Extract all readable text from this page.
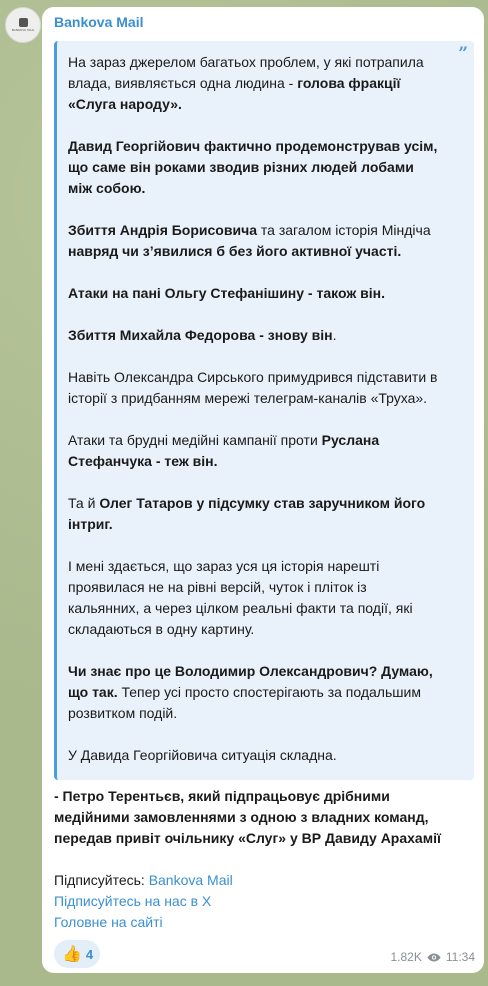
BANKOVA MAIL Bankova Mail
”

На зараз джерелом багатьох проблем, у які потрапила влада, виявляється одна людина - голова фракції «Слуга народу».

Давид Георгійович фактично продемонстрував усім, що саме він роками зводив різних людей лобами між собою.

Збиття Андрія Борисовича та загалом історія Міндіча навряд чи з’явилися б без його активної участі.

Атаки на пані Ольгу Стефанішину - також він.

Збиття Михайла Федорова - знову він.

Навіть Олександра Сирського примудрився підставити в історії з придбанням мережі телеграм-каналів «Труха».

Атаки та брудні медійні кампанії проти Руслана Стефанчука - теж він.

Та й Олег Татаров у підсумку став заручником його інтриг.

І мені здається, що зараз уся ця історія нарешті проявилася не на рівні версій, чуток і пліток із кальянних, а через цілком реальні факти та події, які складаються в одну картину.

Чи знає про це Володимир Олександрович? Думаю, що так. Тепер усі просто спостерігають за подальшим розвитком подій.

У Давида Георгійовича ситуація складна.

- Петро Терентьєв, який підпрацьовує дрібними медійними замовленнями з одною з владних команд, передав привіт очільнику «Слуг» у ВР Давиду Арахамії
Підписуйтесь: Bankova Mail
Підписуйтесь на нас в Х
Головне на сайті
👍 4	1.82K 11:34
